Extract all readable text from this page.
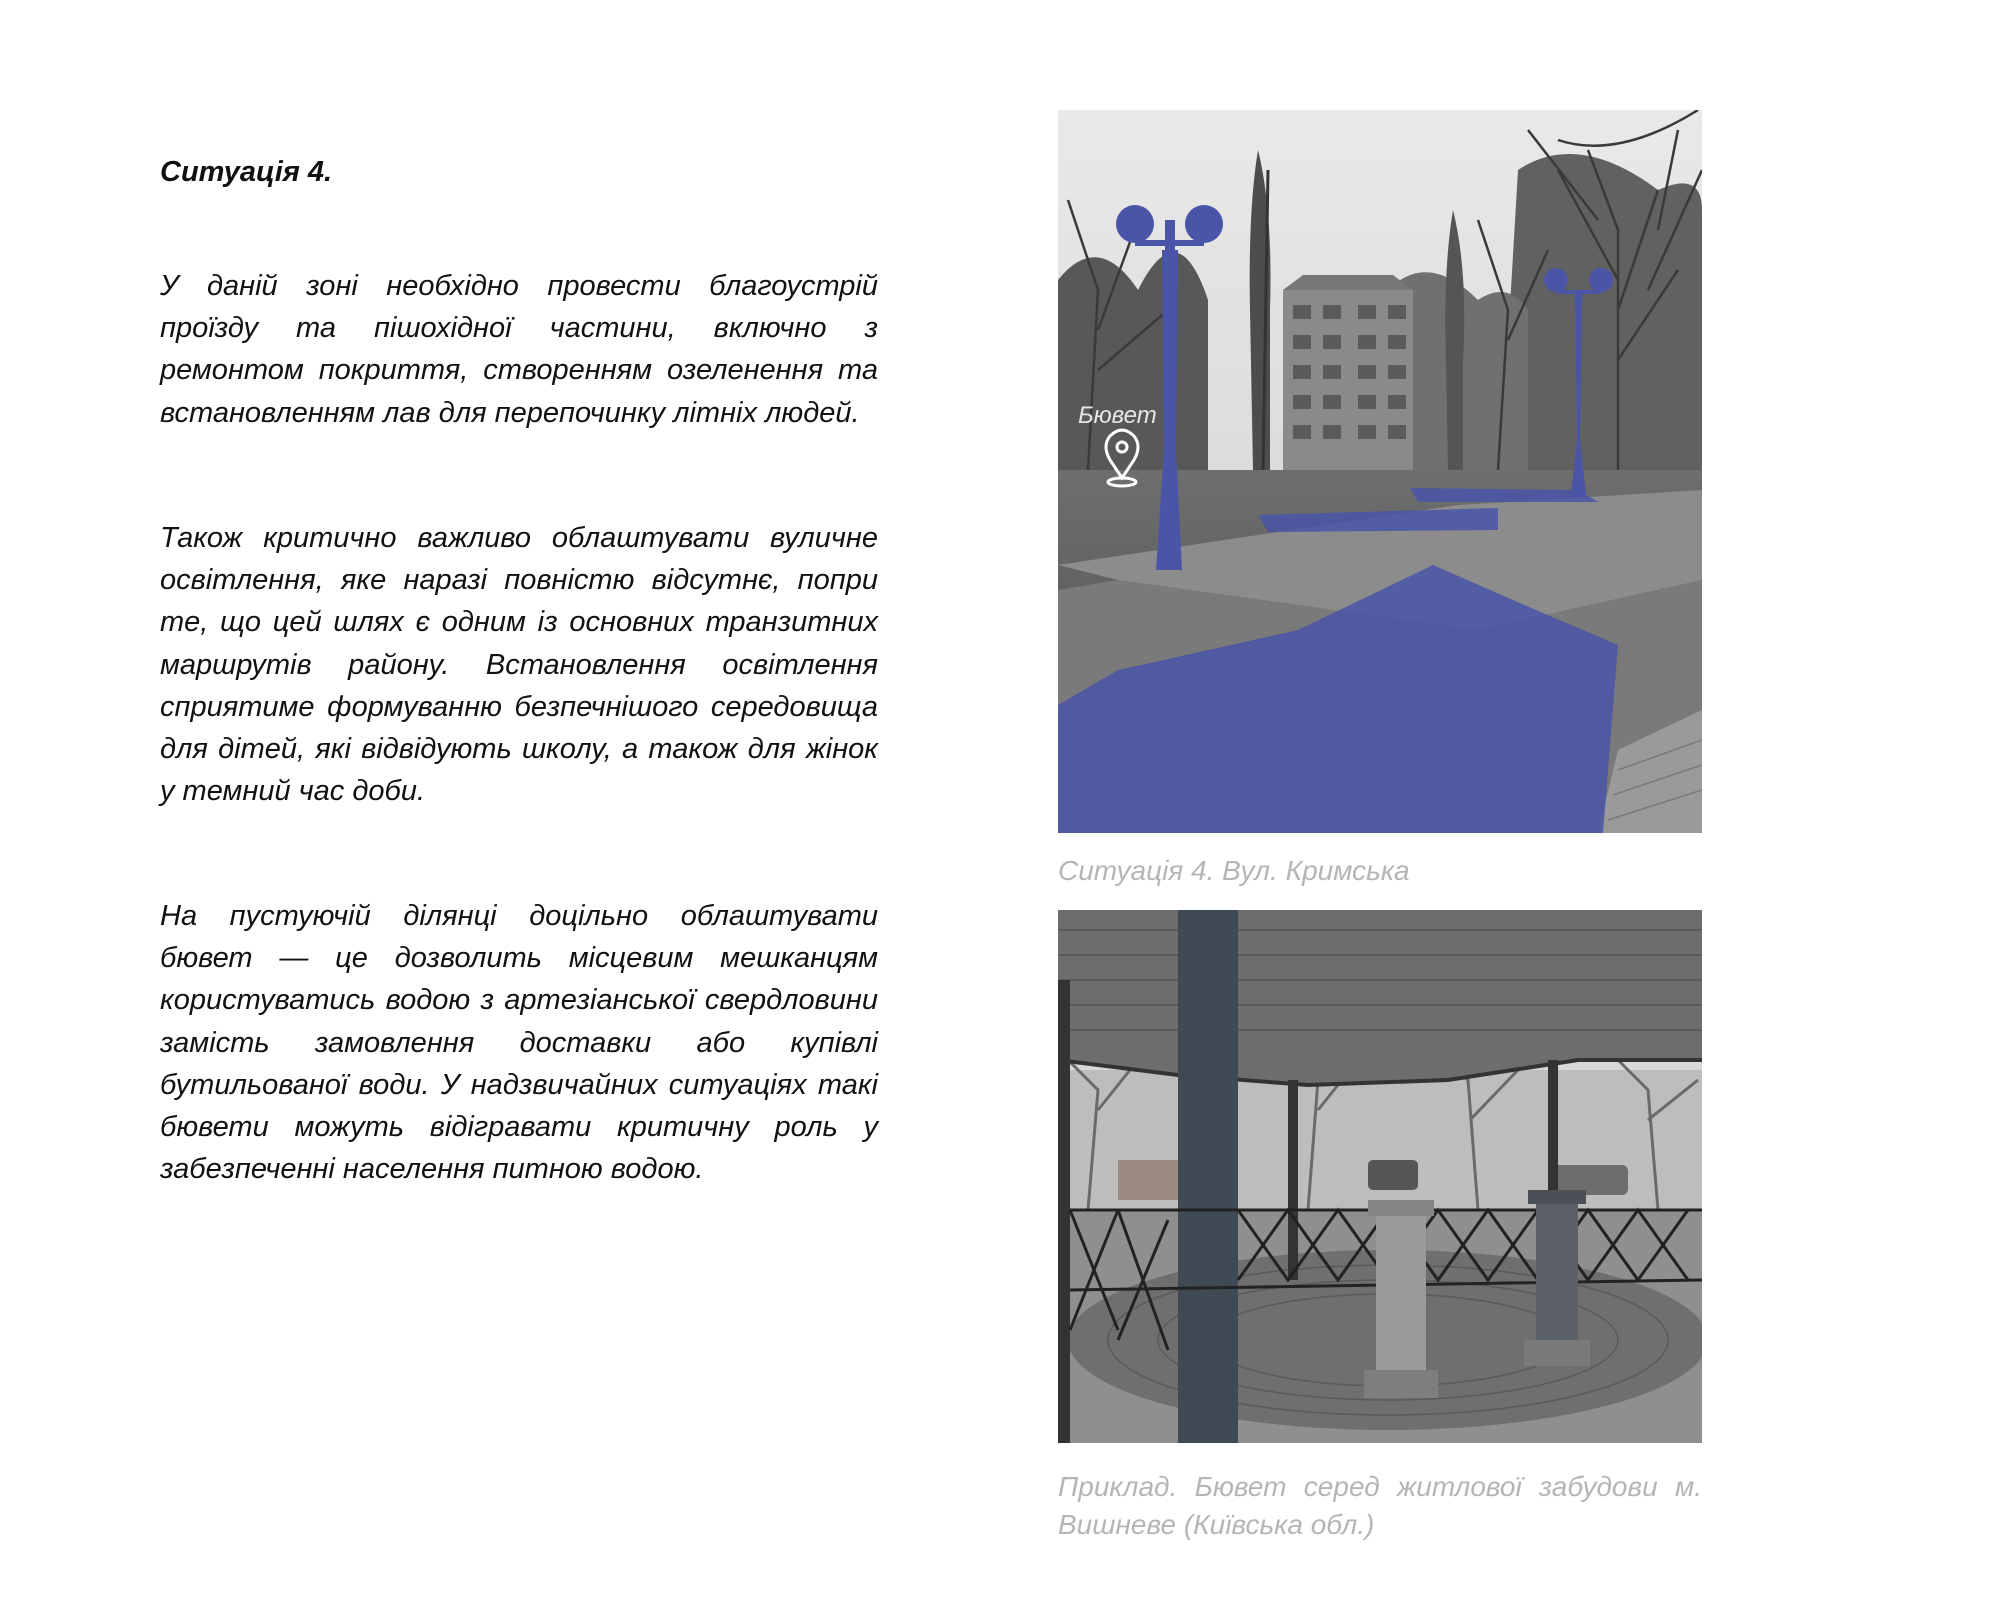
Ситуація 4.

У даній зоні необхідно провести благоустрій проїзду та пішохідної частини, включно з ремонтом покриття, створенням озеленення та встановленням лав для перепочинку літніх людей.

Також критично важливо облаштувати вуличне освітлення, яке наразі повністю відсутнє, попри те, що цей шлях є одним із основних транзитних маршрутів району. Встановлення освітлення сприятиме формуванню безпечнішого середовища для дітей, які відвідують школу, а також для жінок у темний час доби.

На пустуючій ділянці доцільно облаштувати бювет — це дозволить місцевим мешканцям користуватись водою з артезіанської свердловини замість замовлення доставки або купівлі бутильованої води. У надзвичайних ситуаціях такі бювети можуть відігравати критичну роль у забезпеченні населення питною водою.

Бювет
Ситуація 4. Вул. Кримська
Приклад. Бювет серед житлової забудови м. Вишневе (Київська обл.)
